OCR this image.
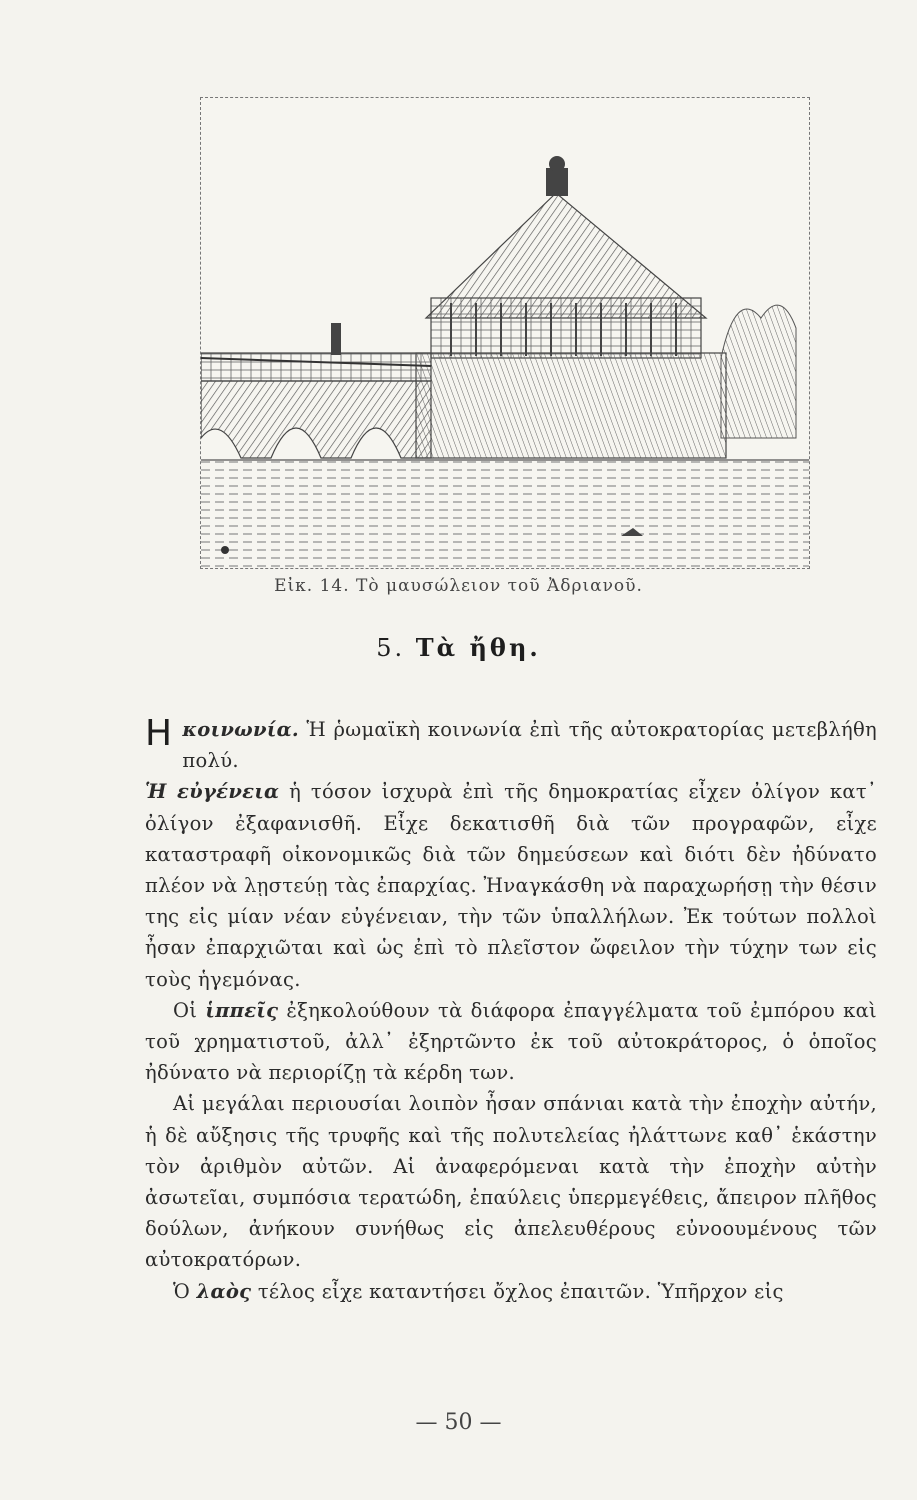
Εἰκ. 14. Τὸ μαυσώλειον τοῦ Ἀδριανοῦ.
5. Τὰ ἤθη.

Ηκοινωνία. Ἡ ῥωμαϊκὴ κοινωνία ἐπὶ τῆς αὐτοκρατορίας μετεβλήθη πολύ.

Ἡ εὐγένεια ἡ τόσον ἰσχυρὰ ἐπὶ τῆς δημοκρατίας εἶχεν ὀλίγον κατ᾽ ὀλίγον ἐξαφανισθῆ. Εἶχε δεκατισθῆ διὰ τῶν προγραφῶν, εἶχε καταστραφῆ οἰκονομικῶς διὰ τῶν δημεύσεων καὶ διότι δὲν ἠδύνατο πλέον νὰ λῃστεύῃ τὰς ἐπαρχίας. Ἠναγκάσθη νὰ παραχωρήσῃ τὴν θέσιν της εἰς μίαν νέαν εὐγένειαν, τὴν τῶν ὑπαλλήλων. Ἐκ τούτων πολλοὶ ἦσαν ἐπαρχιῶται καὶ ὡς ἐπὶ τὸ πλεῖστον ὤφειλον τὴν τύχην των εἰς τοὺς ἡγεμόνας.

Οἱ ἱππεῖς ἐξηκολούθουν τὰ διάφορα ἐπαγγέλματα τοῦ ἐμπόρου καὶ τοῦ χρηματιστοῦ, ἀλλ᾽ ἐξηρτῶντο ἐκ τοῦ αὐτοκράτορος, ὁ ὁποῖος ἠδύνατο νὰ περιορίζῃ τὰ κέρδη των.

Αἱ μεγάλαι περιουσίαι λοιπὸν ἦσαν σπάνιαι κατὰ τὴν ἐποχὴν αὐτήν, ἡ δὲ αὔξησις τῆς τρυφῆς καὶ τῆς πολυτελείας ἠλάττωνε καθ᾽ ἑκάστην τὸν ἀριθμὸν αὐτῶν. Αἱ ἀναφερόμεναι κατὰ τὴν ἐποχὴν αὐτὴν ἀσωτεῖαι, συμπόσια τερατώδη, ἐπαύλεις ὑπερμεγέθεις, ἄπειρον πλῆθος δούλων, ἀνήκουν συνήθως εἰς ἀπελευθέρους εὐνοουμένους τῶν αὐτοκρατόρων.

Ὁ λαὸς τέλος εἶχε καταντήσει ὄχλος ἐπαιτῶν. Ὑπῆρχον εἰς

— 50 —
